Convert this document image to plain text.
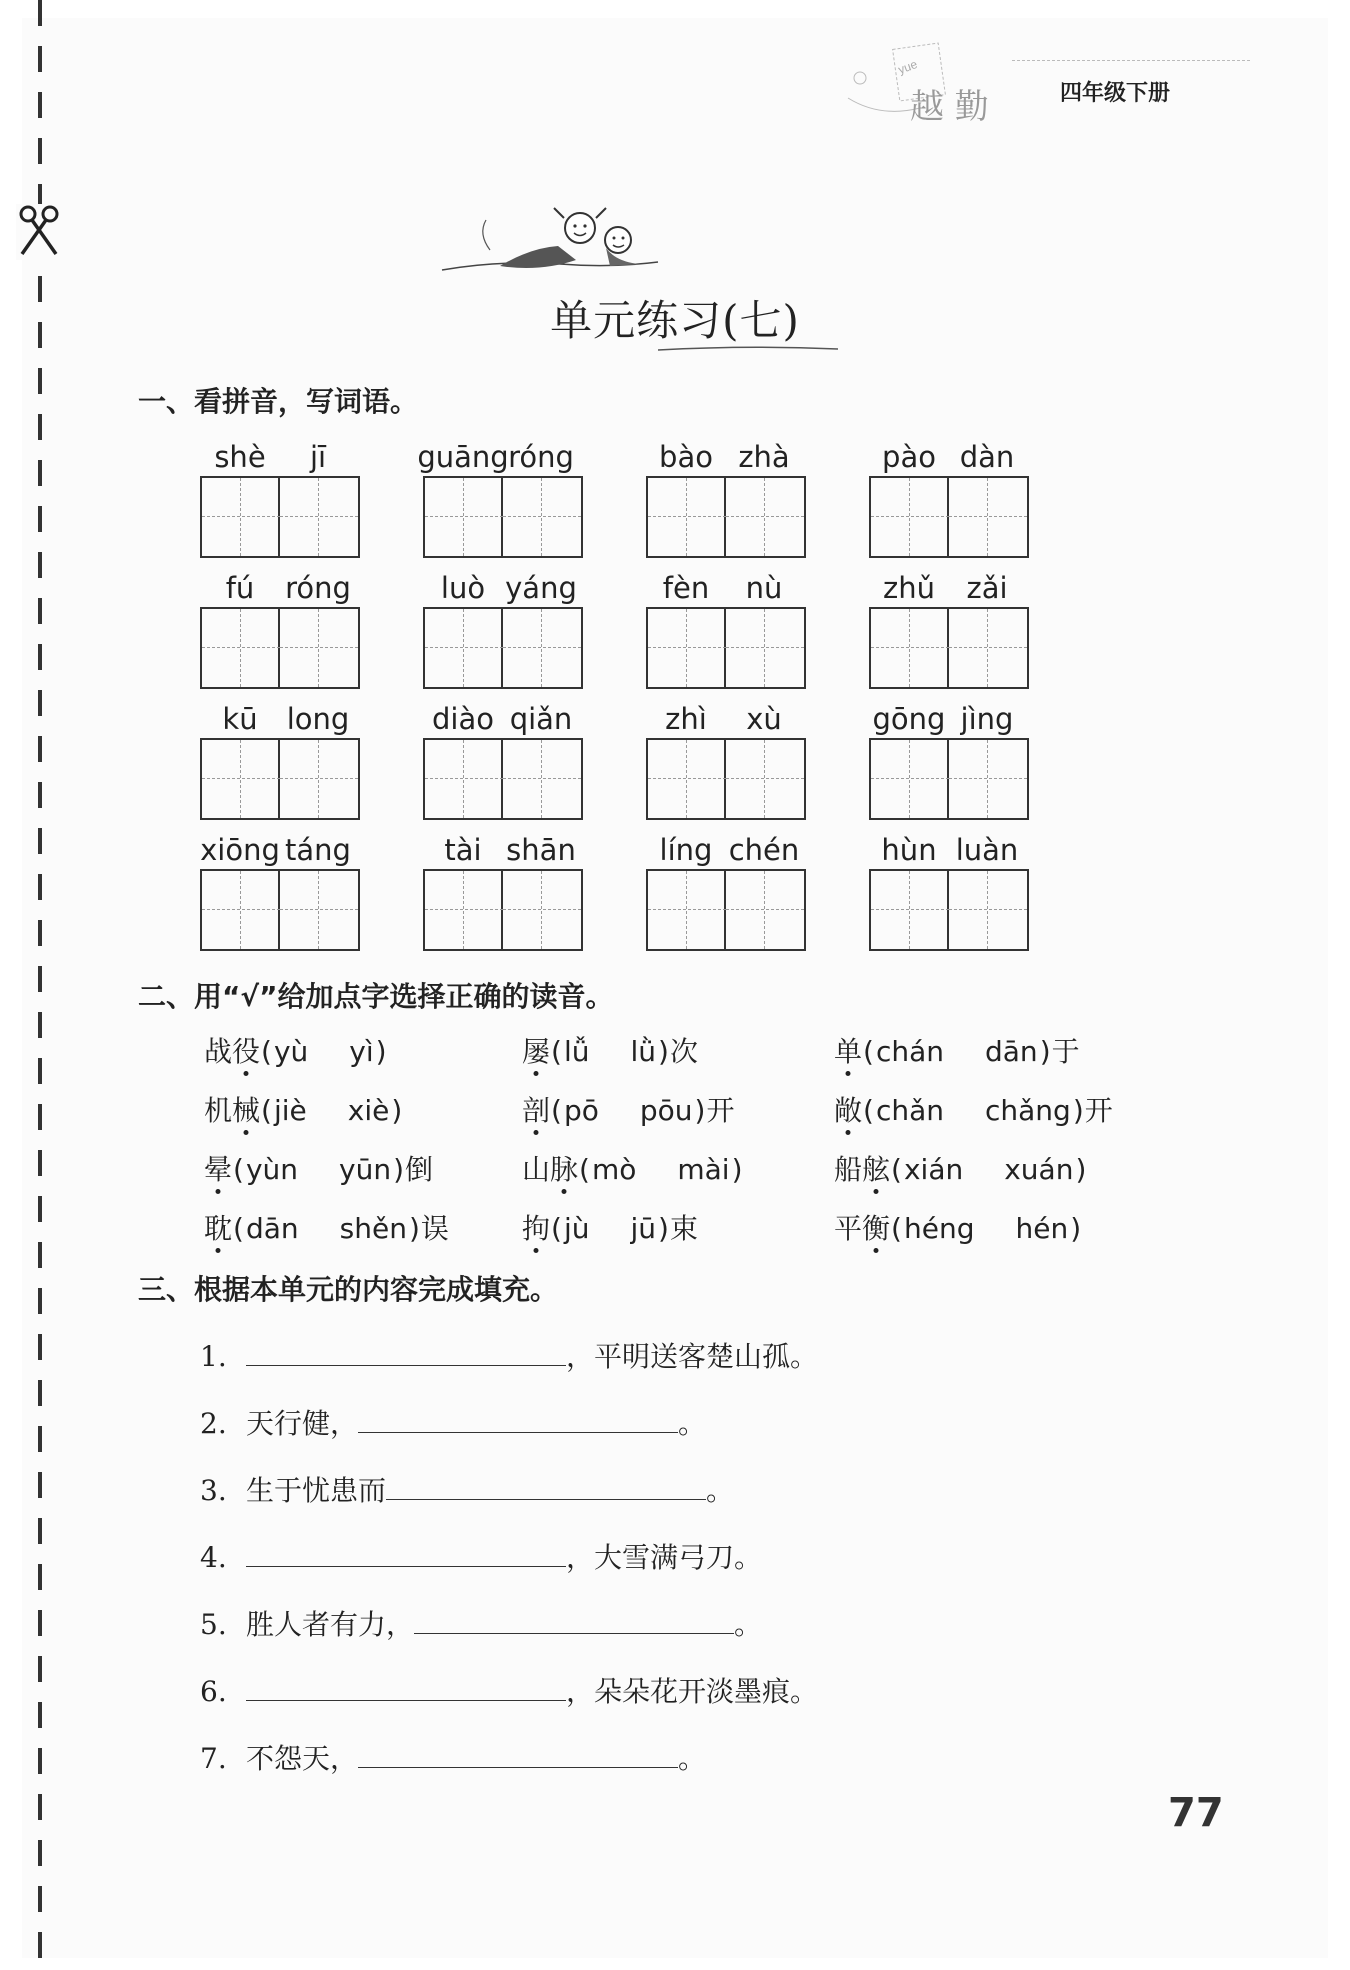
yue
越 勤	四年级下册
单元练习(七)
一、看拼音，写词语。
shè jī	guāng róng	bào zhà	pào dàn
fú róng	luò yáng	fèn nù	zhǔ zǎi
kū long	diào qiǎn	zhì xù	gōng jìng
xiōng táng	tài shān	líng chén	hùn luàn
二、用“√”给加点字选择正确的读音。
战役(yù yì)	屡(lǚ lǜ)次	单(chán dān)于
机械(jiè xiè)	剖(pō pōu)开	敞(chǎn chǎng)开
晕(yùn yūn)倒	山脉(mò mài)	船舷(xián xuán)
耽(dān shěn)误	拘(jù jū)束	平衡(héng hén)
三、根据本单元的内容完成填充。
1.	，平明送客楚山孤。
2. 天行健，	。
3. 生于忧患而	。
4.	，大雪满弓刀。
5. 胜人者有力，	。
6.	，朵朵花开淡墨痕。
7. 不怨天，	。
77
